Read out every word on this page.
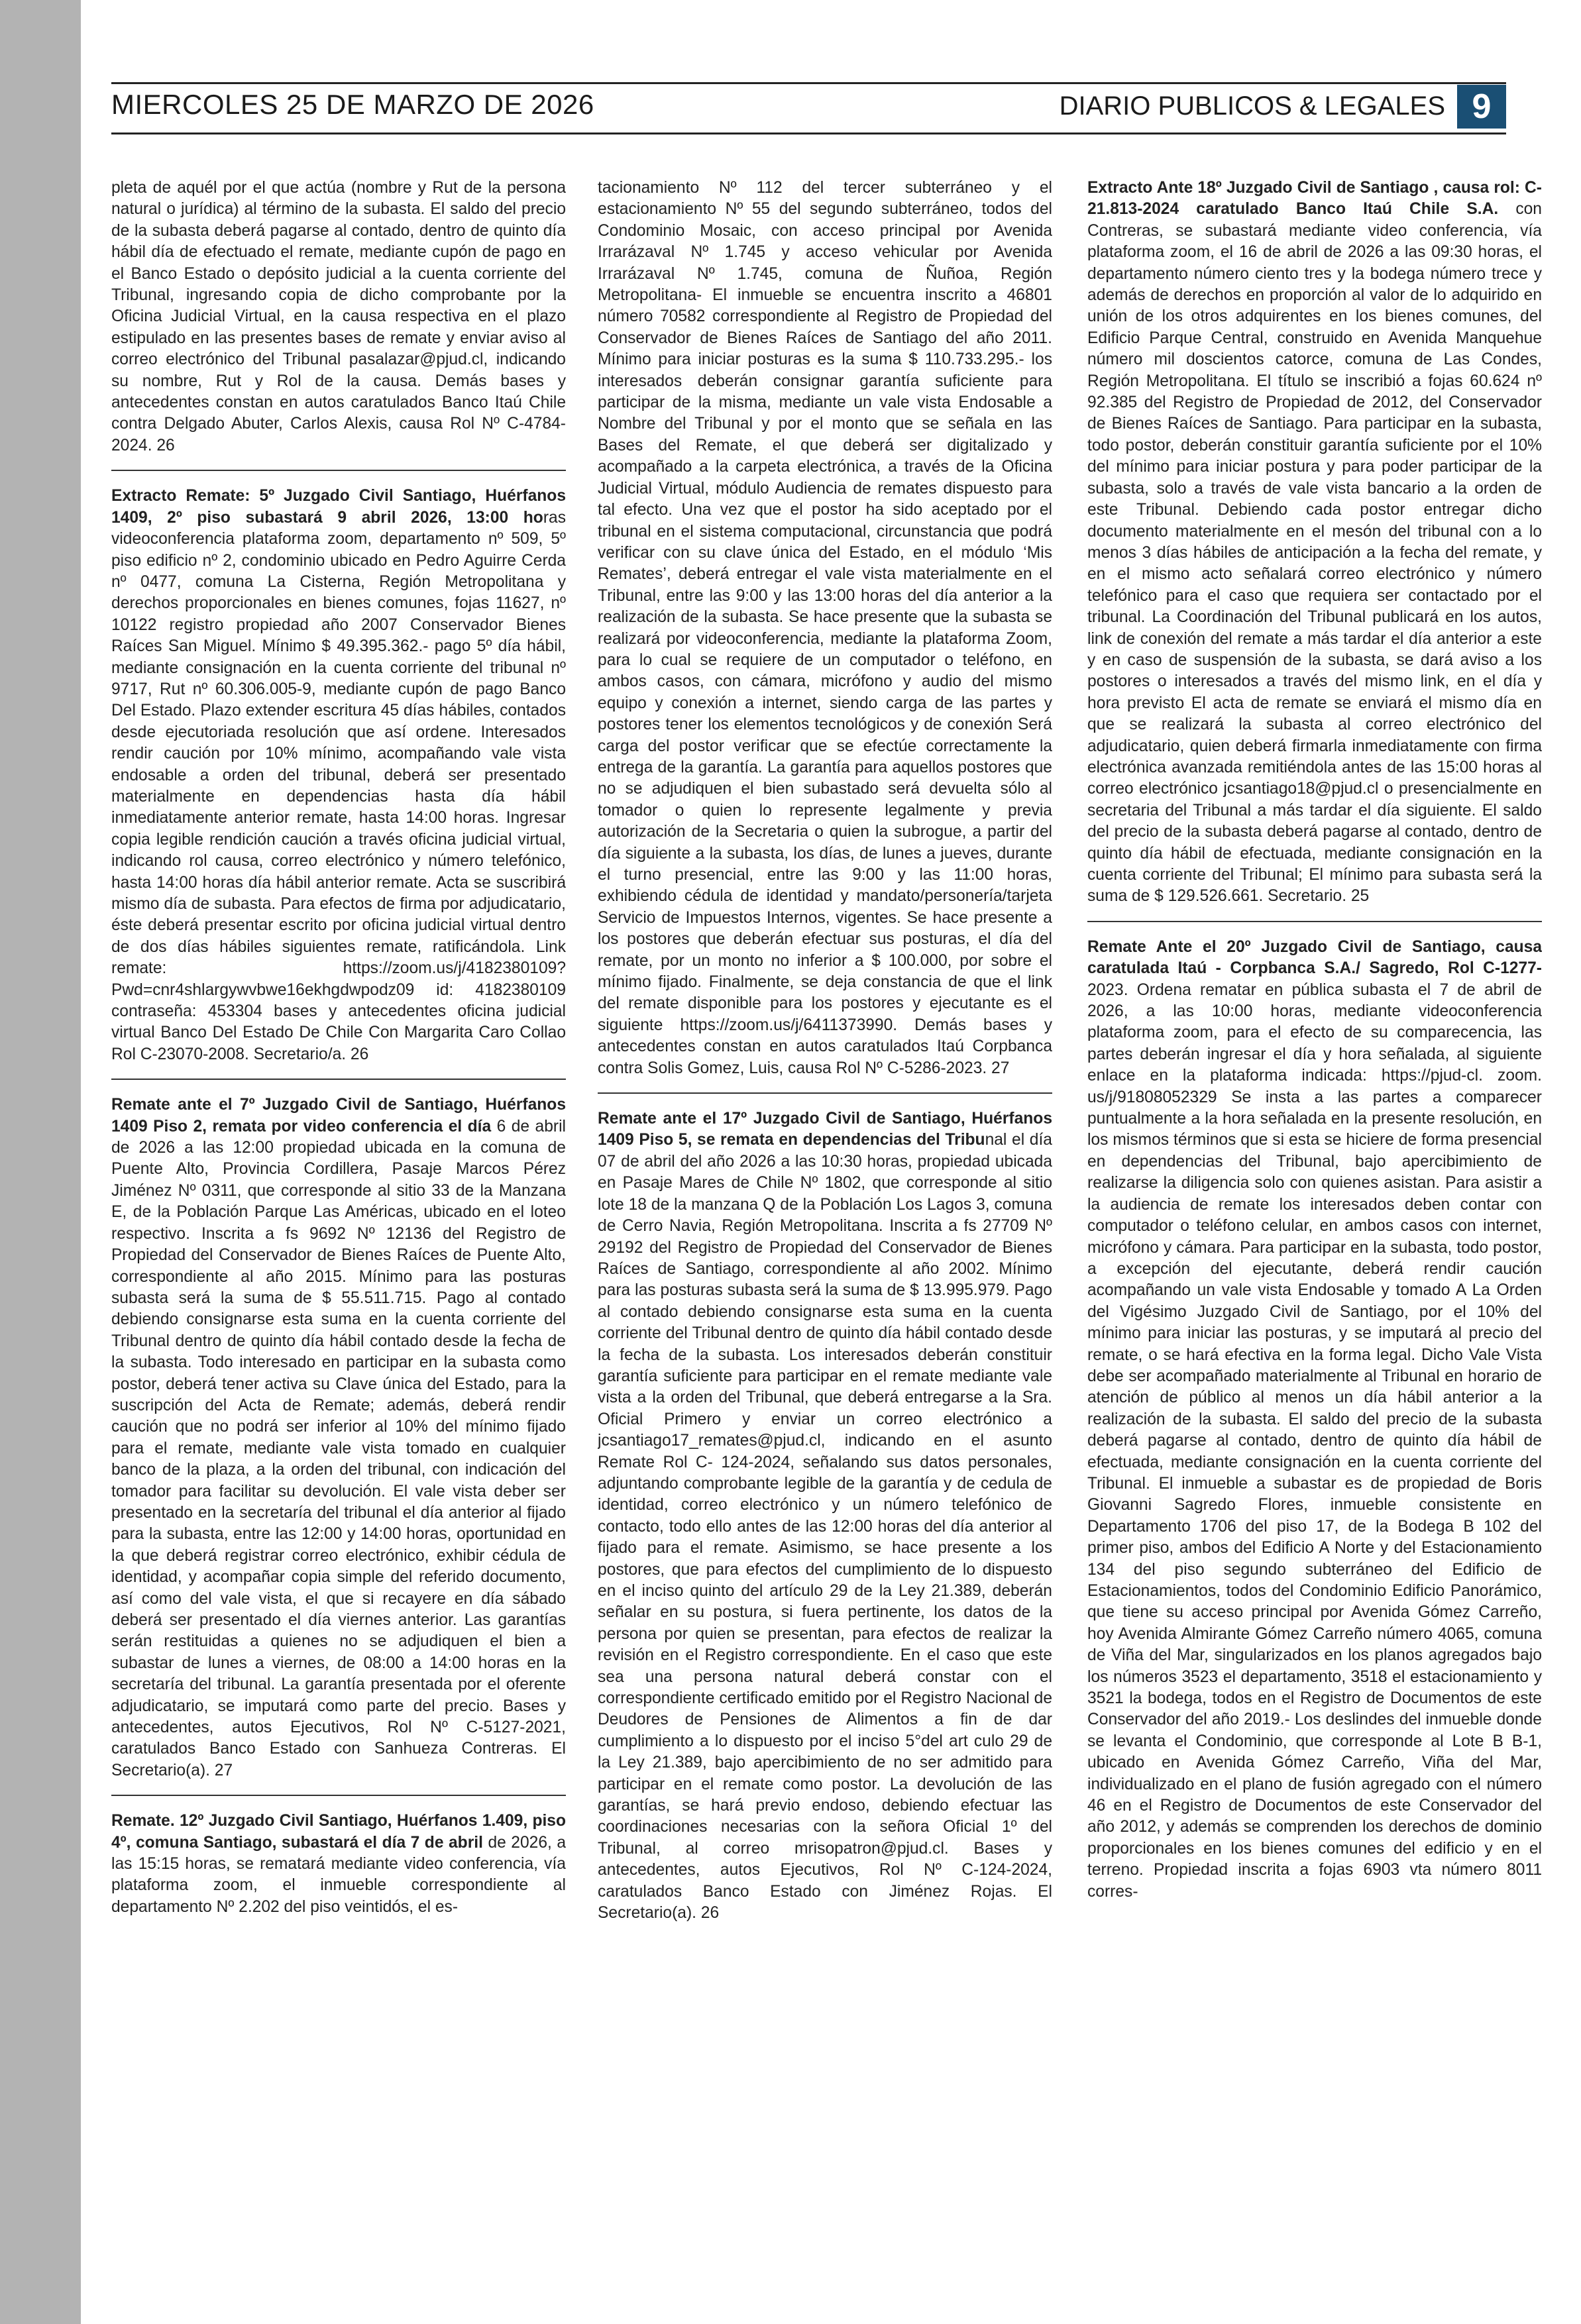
MIERCOLES 25 DE MARZO DE 2026	DIARIO PUBLICOS & LEGALES 9

pleta de aquél por el que actúa (nombre y Rut de la persona natural o jurídica) al término de la subasta. El saldo del precio de la subasta deberá pagarse al contado, dentro de quinto día hábil día de efectuado el remate, mediante cupón de pago en el Banco Estado o depósito judicial a la cuenta corriente del Tribunal, ingresando copia de dicho comprobante por la Oficina Judicial Virtual, en la causa respectiva en el plazo estipulado en las presentes bases de remate y enviar aviso al correo electrónico del Tribunal pasalazar@pjud.cl, indicando su nombre, Rut y Rol de la causa. Demás bases y antecedentes constan en autos caratulados Banco Itaú Chile contra Delgado Abuter, Carlos Alexis, causa Rol Nº C-4784-2024. 26

Extracto Remate: 5º Juzgado Civil Santiago, Huérfanos 1409, 2º piso subastará 9 abril 2026, 13:00 horas videoconferencia plataforma zoom, departamento nº 509, 5º piso edificio nº 2, condominio ubicado en Pedro Aguirre Cerda nº 0477, comuna La Cisterna, Región Metropolitana y derechos proporcionales en bienes comunes, fojas 11627, nº 10122 registro propiedad año 2007 Conservador Bienes Raíces San Miguel. Mínimo $ 49.395.362.- pago 5º día hábil, mediante consignación en la cuenta corriente del tribunal nº 9717, Rut nº 60.306.005-9, mediante cupón de pago Banco Del Estado. Plazo extender escritura 45 días hábiles, contados desde ejecutoriada resolución que así ordene. Interesados rendir caución por 10% mínimo, acompañando vale vista endosable a orden del tribunal, deberá ser presentado materialmente en dependencias hasta día hábil inmediatamente anterior remate, hasta 14:00 horas. Ingresar copia legible rendición caución a través oficina judicial virtual, indicando rol causa, correo electrónico y número telefónico, hasta 14:00 horas día hábil anterior remate. Acta se suscribirá mismo día de subasta. Para efectos de firma por adjudicatario, éste deberá presentar escrito por oficina judicial virtual dentro de dos días hábiles siguientes remate, ratificándola. Link remate: https://zoom.us/j/4182380109?Pwd=cnr4shlargywvbwe16ekhgdwpodz09 id: 4182380109 contraseña: 453304 bases y antecedentes oficina judicial virtual Banco Del Estado De Chile Con Margarita Caro Collao Rol C-23070-2008. Secretario/a. 26

Remate ante el 7º Juzgado Civil de Santiago, Huérfanos 1409 Piso 2, remata por video conferencia el día 6 de abril de 2026 a las 12:00 propiedad ubicada en la comuna de Puente Alto, Provincia Cordillera, Pasaje Marcos Pérez Jiménez Nº 0311, que corresponde al sitio 33 de la Manzana E, de la Población Parque Las Américas, ubicado en el loteo respectivo. Inscrita a fs 9692 Nº 12136 del Registro de Propiedad del Conservador de Bienes Raíces de Puente Alto, correspondiente al año 2015. Mínimo para las posturas subasta será la suma de $ 55.511.715. Pago al contado debiendo consignarse esta suma en la cuenta corriente del Tribunal dentro de quinto día hábil contado desde la fecha de la subasta. Todo interesado en participar en la subasta como postor, deberá tener activa su Clave única del Estado, para la suscripción del Acta de Remate; además, deberá rendir caución que no podrá ser inferior al 10% del mínimo fijado para el remate, mediante vale vista tomado en cualquier banco de la plaza, a la orden del tribunal, con indicación del tomador para facilitar su devolución. El vale vista deber ser presentado en la secretaría del tribunal el día anterior al fijado para la subasta, entre las 12:00 y 14:00 horas, oportunidad en la que deberá registrar correo electrónico, exhibir cédula de identidad, y acompañar copia simple del referido documento, así como del vale vista, el que si recayere en día sábado deberá ser presentado el día viernes anterior. Las garantías serán restituidas a quienes no se adjudiquen el bien a subastar de lunes a viernes, de 08:00 a 14:00 horas en la secretaría del tribunal. La garantía presentada por el oferente adjudicatario, se imputará como parte del precio. Bases y antecedentes, autos Ejecutivos, Rol Nº C-5127-2021, caratulados Banco Estado con Sanhueza Contreras. El Secretario(a). 27

Remate. 12º Juzgado Civil Santiago, Huérfanos 1.409, piso 4º, comuna Santiago, subastará el día 7 de abril de 2026, a las 15:15 horas, se rematará mediante video conferencia, vía plataforma zoom, el inmueble correspondiente al departamento Nº 2.202 del piso veintidós, el es-

tacionamiento Nº 112 del tercer subterráneo y el estacionamiento Nº 55 del segundo subterráneo, todos del Condominio Mosaic, con acceso principal por Avenida Irrarázaval Nº 1.745 y acceso vehicular por Avenida Irrarázaval Nº 1.745, comuna de Ñuñoa, Región Metropolitana- El inmueble se encuentra inscrito a 46801 número 70582 correspondiente al Registro de Propiedad del Conservador de Bienes Raíces de Santiago del año 2011. Mínimo para iniciar posturas es la suma $ 110.733.295.- los interesados deberán consignar garantía suficiente para participar de la misma, mediante un vale vista Endosable a Nombre del Tribunal y por el monto que se señala en las Bases del Remate, el que deberá ser digitalizado y acompañado a la carpeta electrónica, a través de la Oficina Judicial Virtual, módulo Audiencia de remates dispuesto para tal efecto. Una vez que el postor ha sido aceptado por el tribunal en el sistema computacional, circunstancia que podrá verificar con su clave única del Estado, en el módulo ‘Mis Remates’, deberá entregar el vale vista materialmente en el Tribunal, entre las 9:00 y las 13:00 horas del día anterior a la realización de la subasta. Se hace presente que la subasta se realizará por videoconferencia, mediante la plataforma Zoom, para lo cual se requiere de un computador o teléfono, en ambos casos, con cámara, micrófono y audio del mismo equipo y conexión a internet, siendo carga de las partes y postores tener los elementos tecnológicos y de conexión Será carga del postor verificar que se efectúe correctamente la entrega de la garantía. La garantía para aquellos postores que no se adjudiquen el bien subastado será devuelta sólo al tomador o quien lo represente legalmente y previa autorización de la Secretaria o quien la subrogue, a partir del día siguiente a la subasta, los días, de lunes a jueves, durante el turno presencial, entre las 9:00 y las 11:00 horas, exhibiendo cédula de identidad y mandato/personería/tarjeta Servicio de Impuestos Internos, vigentes. Se hace presente a los postores que deberán efectuar sus posturas, el día del remate, por un monto no inferior a $ 100.000, por sobre el mínimo fijado. Finalmente, se deja constancia de que el link del remate disponible para los postores y ejecutante es el siguiente https://zoom.us/j/6411373990. Demás bases y antecedentes constan en autos caratulados Itaú Corpbanca contra Solis Gomez, Luis, causa Rol Nº C-5286-2023. 27

Remate ante el 17º Juzgado Civil de Santiago, Huérfanos 1409 Piso 5, se remata en dependencias del Tribunal el día 07 de abril del año 2026 a las 10:30 horas, propiedad ubicada en Pasaje Mares de Chile Nº 1802, que corresponde al sitio lote 18 de la manzana Q de la Población Los Lagos 3, comuna de Cerro Navia, Región Metropolitana. Inscrita a fs 27709 Nº 29192 del Registro de Propiedad del Conservador de Bienes Raíces de Santiago, correspondiente al año 2002. Mínimo para las posturas subasta será la suma de $ 13.995.979. Pago al contado debiendo consignarse esta suma en la cuenta corriente del Tribunal dentro de quinto día hábil contado desde la fecha de la subasta. Los interesados deberán constituir garantía suficiente para participar en el remate mediante vale vista a la orden del Tribunal, que deberá entregarse a la Sra. Oficial Primero y enviar un correo electrónico a jcsantiago17_remates@pjud.cl, indicando en el asunto Remate Rol C- 124-2024, señalando sus datos personales, adjuntando comprobante legible de la garantía y de cedula de identidad, correo electrónico y un número telefónico de contacto, todo ello antes de las 12:00 horas del día anterior al fijado para el remate. Asimismo, se hace presente a los postores, que para efectos del cumplimiento de lo dispuesto en el inciso quinto del artículo 29 de la Ley 21.389, deberán señalar en su postura, si fuera pertinente, los datos de la persona por quien se presentan, para efectos de realizar la revisión en el Registro correspondiente. En el caso que este sea una persona natural deberá constar con el correspondiente certificado emitido por el Registro Nacional de Deudores de Pensiones de Alimentos a fin de dar cumplimiento a lo dispuesto por el inciso 5°del art culo 29 de la Ley 21.389, bajo apercibimiento de no ser admitido para participar en el remate como postor. La devolución de las garantías, se hará previo endoso, debiendo efectuar las coordinaciones necesarias con la señora Oficial 1º del Tribunal, al correo mrisopatron@pjud.cl. Bases y antecedentes, autos Ejecutivos, Rol Nº C-124-2024, caratulados Banco Estado con Jiménez Rojas. El Secretario(a). 26

Extracto Ante 18º Juzgado Civil de Santiago , causa rol: C-21.813-2024 caratulado Banco Itaú Chile S.A. con Contreras, se subastará mediante video conferencia, vía plataforma zoom, el 16 de abril de 2026 a las 09:30 horas, el departamento número ciento tres y la bodega número trece y además de derechos en proporción al valor de lo adquirido en unión de los otros adquirentes en los bienes comunes, del Edificio Parque Central, construido en Avenida Manquehue número mil doscientos catorce, comuna de Las Condes, Región Metropolitana. El título se inscribió a fojas 60.624 nº 92.385 del Registro de Propiedad de 2012, del Conservador de Bienes Raíces de Santiago. Para participar en la subasta, todo postor, deberán constituir garantía suficiente por el 10% del mínimo para iniciar postura y para poder participar de la subasta, solo a través de vale vista bancario a la orden de este Tribunal. Debiendo cada postor entregar dicho documento materialmente en el mesón del tribunal con a lo menos 3 días hábiles de anticipación a la fecha del remate, y en el mismo acto señalará correo electrónico y número telefónico para el caso que requiera ser contactado por el tribunal. La Coordinación del Tribunal publicará en los autos, link de conexión del remate a más tardar el día anterior a este y en caso de suspensión de la subasta, se dará aviso a los postores o interesados a través del mismo link, en el día y hora previsto El acta de remate se enviará el mismo día en que se realizará la subasta al correo electrónico del adjudicatario, quien deberá firmarla inmediatamente con firma electrónica avanzada remitiéndola antes de las 15:00 horas al correo electrónico jcsantiago18@pjud.cl o presencialmente en secretaria del Tribunal a más tardar el día siguiente. El saldo del precio de la subasta deberá pagarse al contado, dentro de quinto día hábil de efectuada, mediante consignación en la cuenta corriente del Tribunal; El mínimo para subasta será la suma de $ 129.526.661. Secretario. 25

Remate Ante el 20º Juzgado Civil de Santiago, causa caratulada Itaú - Corpbanca S.A./ Sagredo, Rol C-1277-2023. Ordena rematar en pública subasta el 7 de abril de 2026, a las 10:00 horas, mediante videoconferencia plataforma zoom, para el efecto de su comparecencia, las partes deberán ingresar el día y hora señalada, al siguiente enlace en la plataforma indicada: https://pjud-cl. zoom. us/j/91808052329 Se insta a las partes a comparecer puntualmente a la hora señalada en la presente resolución, en los mismos términos que si esta se hiciere de forma presencial en dependencias del Tribunal, bajo apercibimiento de realizarse la diligencia solo con quienes asistan. Para asistir a la audiencia de remate los interesados deben contar con computador o teléfono celular, en ambos casos con internet, micrófono y cámara. Para participar en la subasta, todo postor, a excepción del ejecutante, deberá rendir caución acompañando un vale vista Endosable y tomado A La Orden del Vigésimo Juzgado Civil de Santiago, por el 10% del mínimo para iniciar las posturas, y se imputará al precio del remate, o se hará efectiva en la forma legal. Dicho Vale Vista debe ser acompañado materialmente al Tribunal en horario de atención de público al menos un día hábil anterior a la realización de la subasta. El saldo del precio de la subasta deberá pagarse al contado, dentro de quinto día hábil de efectuada, mediante consignación en la cuenta corriente del Tribunal. El inmueble a subastar es de propiedad de Boris Giovanni Sagredo Flores, inmueble consistente en Departamento 1706 del piso 17, de la Bodega B 102 del primer piso, ambos del Edificio A Norte y del Estacionamiento 134 del piso segundo subterráneo del Edificio de Estacionamientos, todos del Condominio Edificio Panorámico, que tiene su acceso principal por Avenida Gómez Carreño, hoy Avenida Almirante Gómez Carreño número 4065, comuna de Viña del Mar, singularizados en los planos agregados bajo los números 3523 el departamento, 3518 el estacionamiento y 3521 la bodega, todos en el Registro de Documentos de este Conservador del año 2019.- Los deslindes del inmueble donde se levanta el Condominio, que corresponde al Lote B B-1, ubicado en Avenida Gómez Carreño, Viña del Mar, individualizado en el plano de fusión agregado con el número 46 en el Registro de Documentos de este Conservador del año 2012, y además se comprenden los derechos de dominio proporcionales en los bienes comunes del edificio y en el terreno. Propiedad inscrita a fojas 6903 vta número 8011 corres-
